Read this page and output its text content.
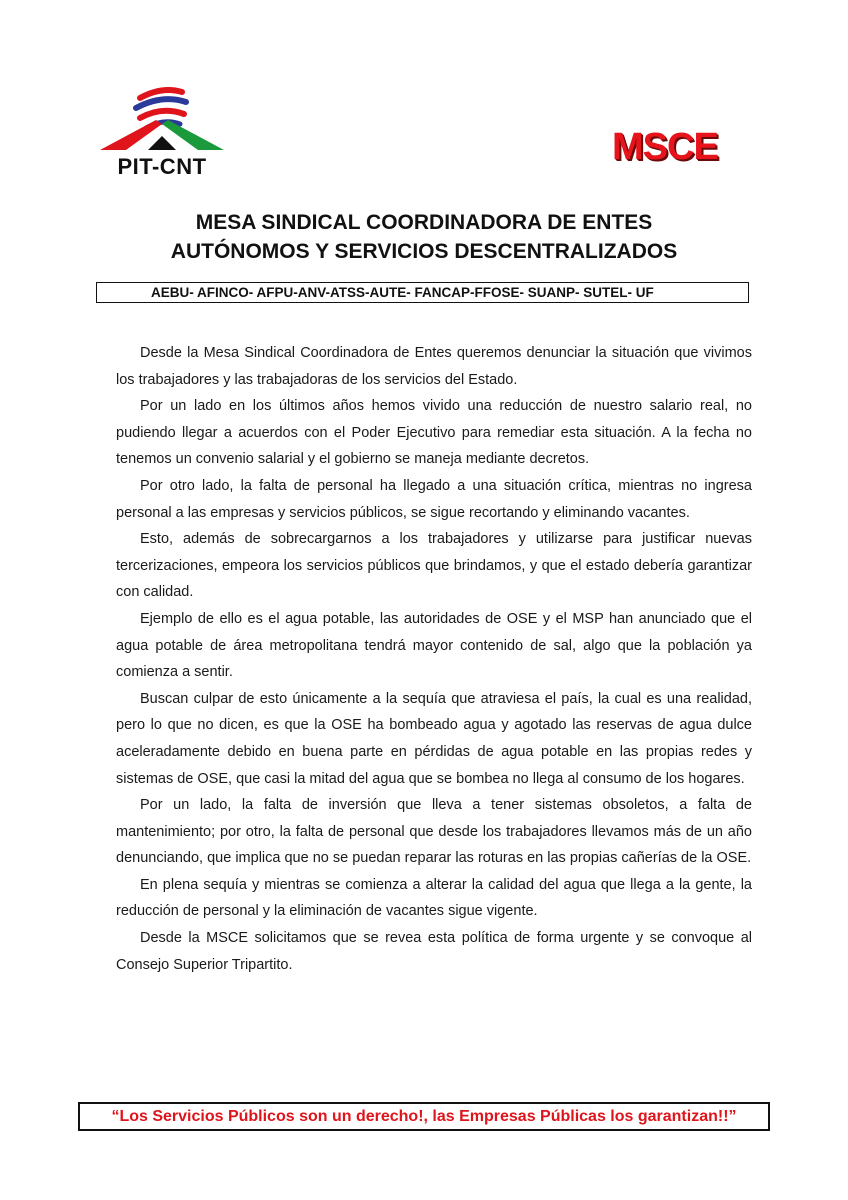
PIT-CNT	MSCE
MESA SINDICAL COORDINADORA DE ENTES
AUTÓNOMOS Y SERVICIOS DESCENTRALIZADOS
AEBU- AFINCO- AFPU-ANV-ATSS-AUTE- FANCAP-FFOSE- SUANP- SUTEL- UF

Desde la Mesa Sindical Coordinadora de Entes queremos denunciar la situación que vivimos los trabajadores y las trabajadoras de los servicios del Estado.

Por un lado en los últimos años hemos vivido una reducción de nuestro salario real, no pudiendo llegar a acuerdos con el Poder Ejecutivo para remediar esta situación. A la fecha no tenemos un convenio salarial y el gobierno se maneja mediante decretos.

Por otro lado, la falta de personal ha llegado a una situación crítica, mientras no ingresa personal a las empresas y servicios públicos, se sigue recortando y eliminando vacantes.

Esto, además de sobrecargarnos a los trabajadores y utilizarse para justificar nuevas tercerizaciones, empeora los servicios públicos que brindamos, y que el estado debería garantizar con calidad.

Ejemplo de ello es el agua potable, las autoridades de OSE y el MSP han anunciado que el agua potable de área metropolitana tendrá mayor contenido de sal, algo que la población ya comienza a sentir.

Buscan culpar de esto únicamente a la sequía que atraviesa el país, la cual es una realidad, pero lo que no dicen, es que la OSE ha bombeado agua y agotado las reservas de agua dulce aceleradamente debido en buena parte en pérdidas de agua potable en las propias redes y sistemas de OSE, que casi la mitad del agua que se bombea no llega al consumo de los hogares.

Por un lado, la falta de inversión que lleva a tener sistemas obsoletos, a falta de mantenimiento; por otro, la falta de personal que desde los trabajadores llevamos más de un año denunciando, que implica que no se puedan reparar las roturas en las propias cañerías de la OSE.

En plena sequía y mientras se comienza a alterar la calidad del agua que llega a la gente, la reducción de personal y la eliminación de vacantes sigue vigente.

Desde la MSCE solicitamos que se revea esta política de forma urgente y se convoque al Consejo Superior Tripartito.

“Los Servicios Públicos son un derecho!, las Empresas Públicas los garantizan!!”
